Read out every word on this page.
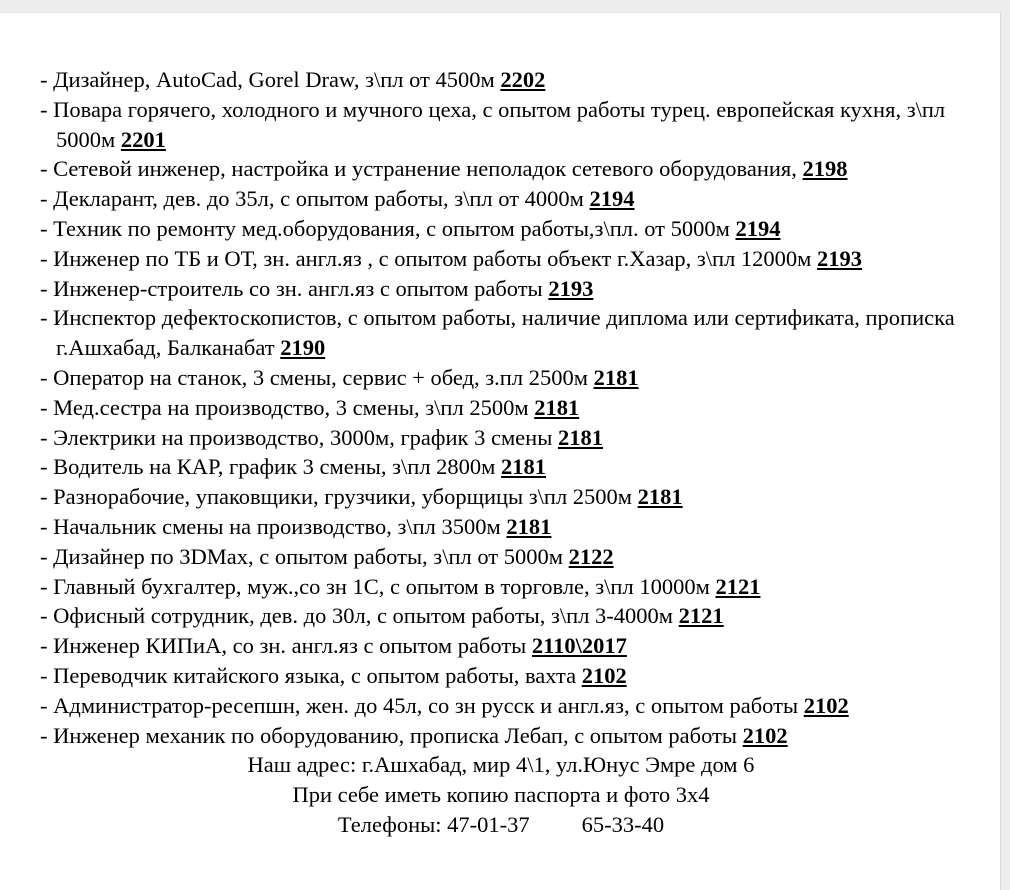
- Дизайнер, AutoCad, Gorel Draw, з\пл от 4500м 2202
- Повара горячего, холодного и мучного цеха, с опытом работы турец. европейская кухня, з\пл 5000м 2201
- Сетевой инженер, настройка и устранение неполадок сетевого оборудования, 2198
- Декларант, дев. до 35л, с опытом работы, з\пл от 4000м 2194
- Техник по ремонту мед.оборудования, с опытом работы,з\пл. от 5000м 2194
- Инженер по ТБ и ОТ, зн. англ.яз , с опытом работы объект г.Хазар, з\пл 12000м 2193
- Инженер-строитель со зн. англ.яз с опытом работы 2193
- Инспектор дефектоскопистов, с опытом работы, наличие диплома или сертификата, прописка г.Ашхабад, Балканабат 2190
- Оператор на станок, 3 смены, сервис + обед, з.пл 2500м 2181
- Мед.сестра на производство, 3 смены, з\пл 2500м 2181
- Электрики на производство, 3000м, график 3 смены 2181
- Водитель на КАР, график 3 смены, з\пл 2800м 2181
- Разнорабочие, упаковщики, грузчики, уборщицы з\пл 2500м 2181
- Начальник смены на производство, з\пл 3500м 2181
- Дизайнер по 3DMax, с опытом работы, з\пл от 5000м 2122
- Главный бухгалтер, муж.,со зн 1С, с опытом в торговле, з\пл 10000м 2121
- Офисный сотрудник, дев. до 30л, с опытом работы, з\пл 3-4000м 2121
- Инженер КИПиА, со зн. англ.яз с опытом работы 2110\2017
- Переводчик китайского языка, с опытом работы, вахта 2102
- Администратор-ресепшн, жен. до 45л, со зн русск и англ.яз, с опытом работы 2102
- Инженер механик по оборудованию, прописка Лебап, с опытом работы 2102
Наш адрес: г.Ашхабад, мир 4\1, ул.Юнус Эмре дом 6
При себе иметь копию паспорта и фото 3х4
Телефоны: 47-01-37 65-33-40
